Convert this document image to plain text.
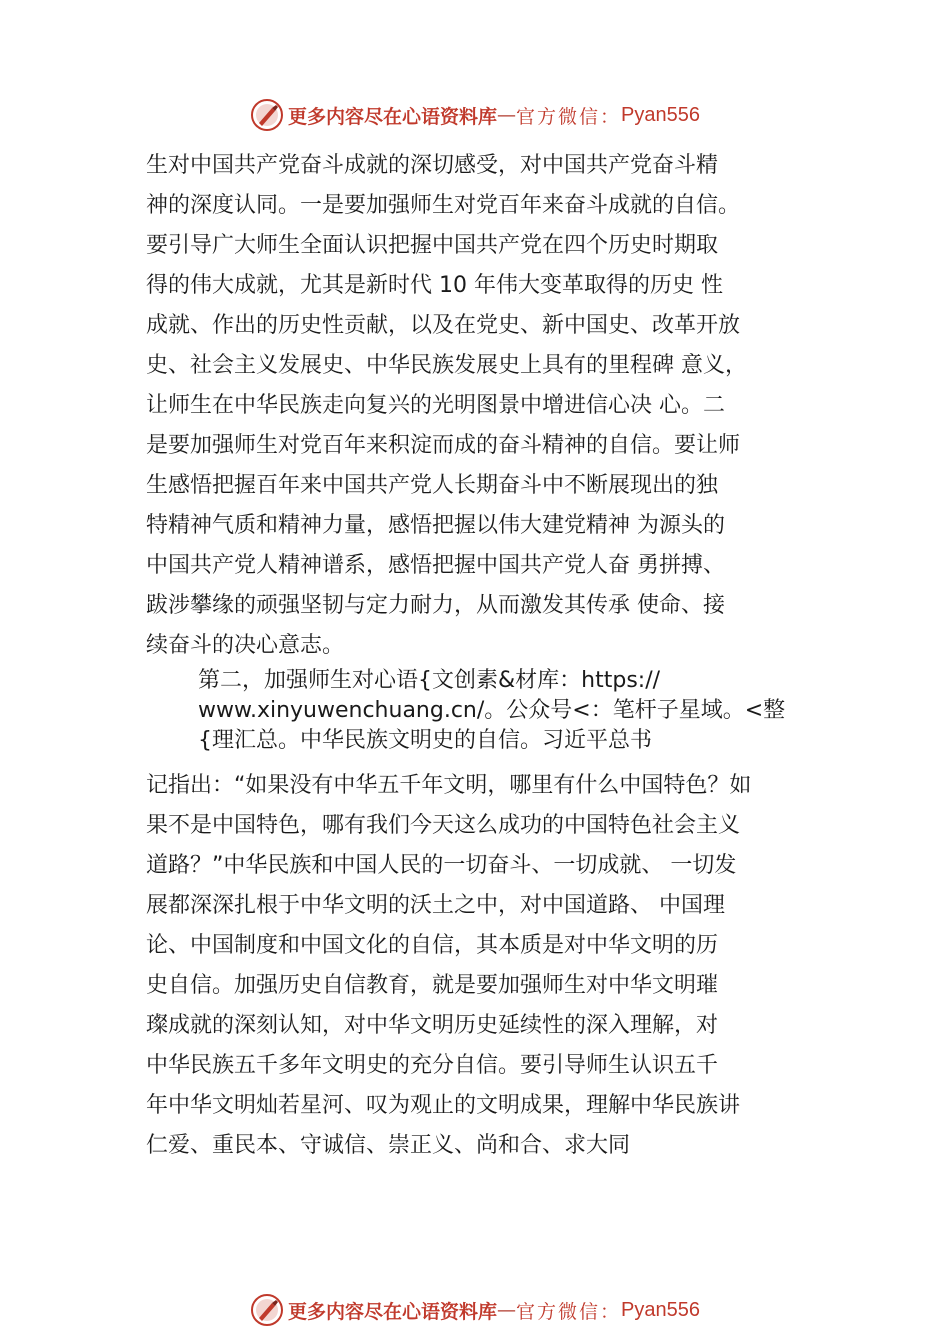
更多内容尽在心语资料库 — 官方微信： Pyan556
生对中国共产党奋斗成就的深切感受，对中国共产党奋斗精
神的深度认同。一是要加强师生对党百年来奋斗成就的自信。
要引导广大师生全面认识把握中国共产党在四个历史时期取
得的伟大成就，尤其是新时代 10 年伟大变革取得的历史 性
成就、作出的历史性贡献，以及在党史、新中国史、改革开放
史、社会主义发展史、中华民族发展史上具有的里程碑 意义，
让师生在中华民族走向复兴的光明图景中增进信心决 心。二
是要加强师生对党百年来积淀而成的奋斗精神的自信。要让师
生感悟把握百年来中国共产党人长期奋斗中不断展现出的独
特精神气质和精神力量，感悟把握以伟大建党精神 为源头的
中国共产党人精神谱系，感悟把握中国共产党人奋 勇拼搏、
跋涉攀缘的顽强坚韧与定力耐力，从而激发其传承 使命、接
续奋斗的决心意志。
第二，加强师生对心语{文创素&材库：https://
www.xinyuwenchuang.cn/。公众号<：笔杆子星域。<整
{理汇总。中华民族文明史的自信。习近平总书
记指出：“如果没有中华五千年文明，哪里有什么中国特色？如
果不是中国特色，哪有我们今天这么成功的中国特色社会主义
道路？”中华民族和中国人民的一切奋斗、一切成就、 一切发
展都深深扎根于中华文明的沃土之中，对中国道路、 中国理
论、中国制度和中国文化的自信，其本质是对中华文明的历
史自信。加强历史自信教育，就是要加强师生对中华文明璀
璨成就的深刻认知，对中华文明历史延续性的深入理解，对
中华民族五千多年文明史的充分自信。要引导师生认识五千
年中华文明灿若星河、叹为观止的文明成果，理解中华民族讲
仁爱、重民本、守诚信、崇正义、尚和合、求大同
更多内容尽在心语资料库 — 官方微信： Pyan556
